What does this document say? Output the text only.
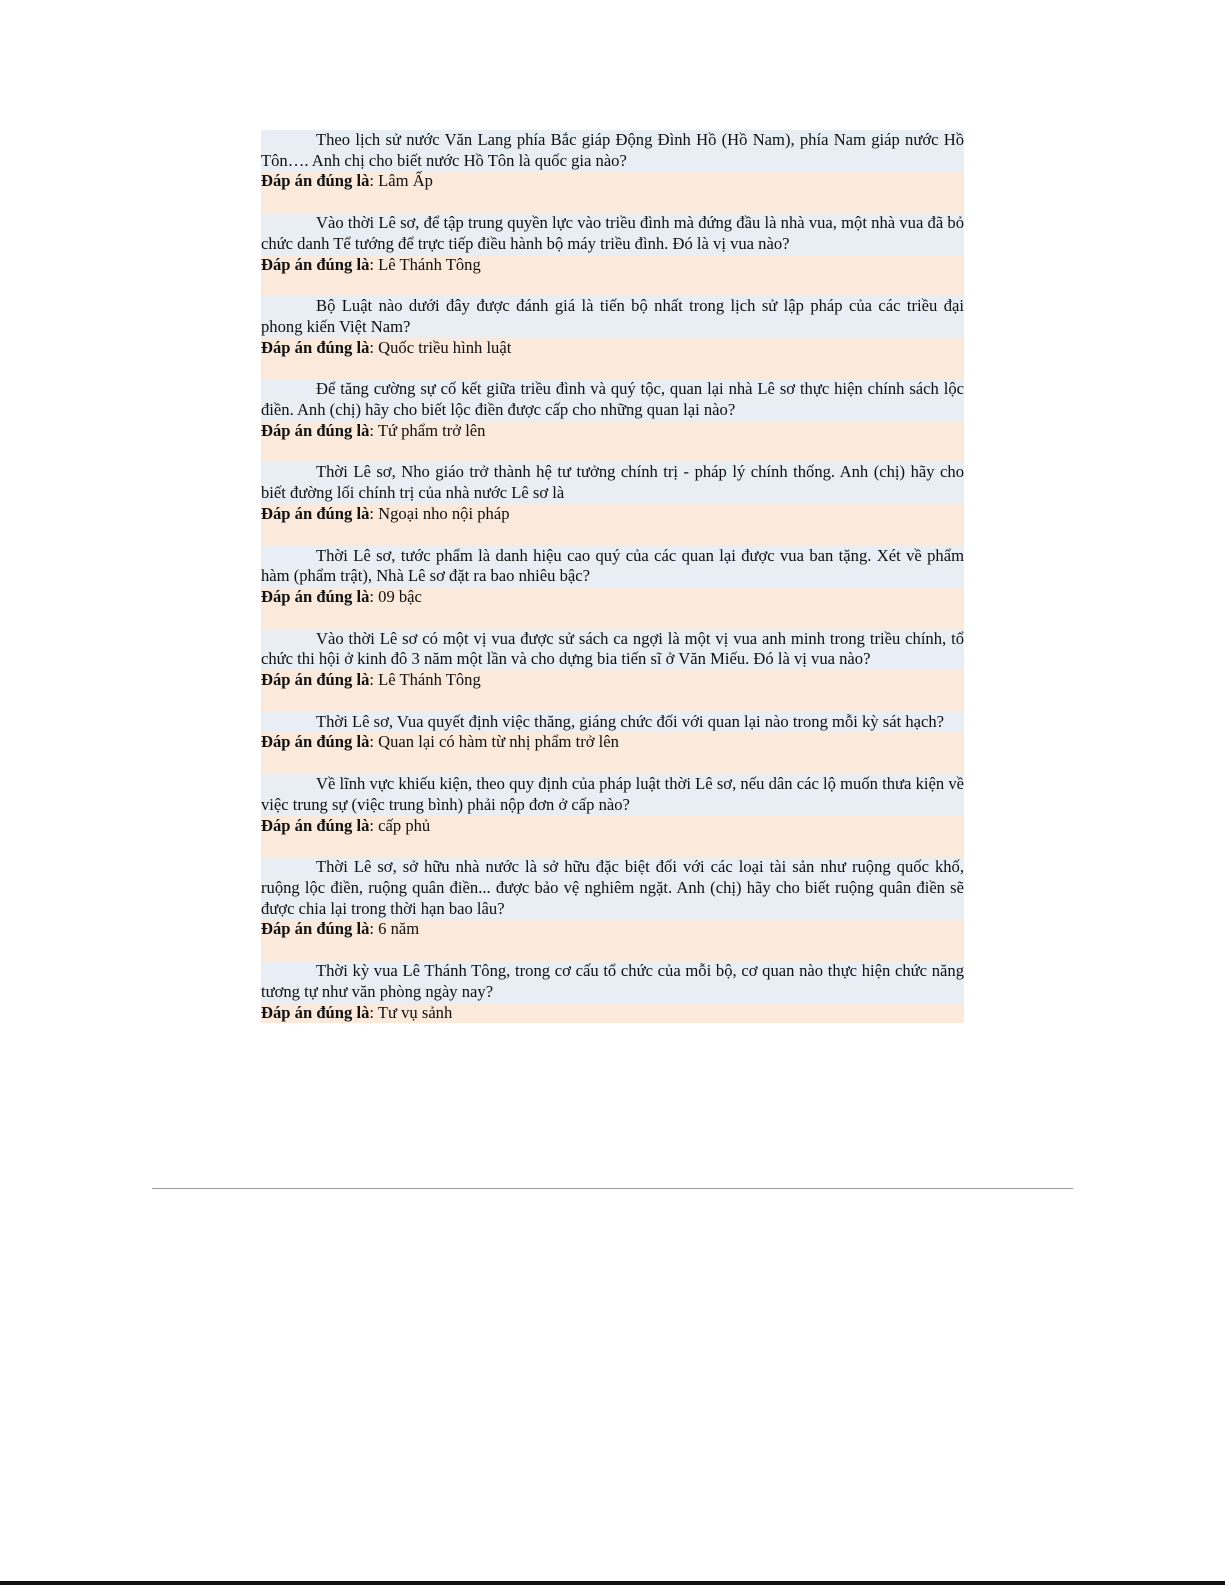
Theo lịch sử nước Văn Lang phía Bắc giáp Động Đình Hồ (Hồ Nam), phía Nam giáp nước Hồ Tôn…. Anh chị cho biết nước Hồ Tôn là quốc gia nào?
Đáp án đúng là: Lâm Ấp
Vào thời Lê sơ, để tập trung quyền lực vào triều đình mà đứng đầu là nhà vua, một nhà vua đã bỏ chức danh Tể tướng để trực tiếp điều hành bộ máy triều đình. Đó là vị vua nào?
Đáp án đúng là: Lê Thánh Tông
Bộ Luật nào dưới đây được đánh giá là tiến bộ nhất trong lịch sử lập pháp của các triều đại phong kiến Việt Nam?
Đáp án đúng là: Quốc triều hình luật
Để tăng cường sự cố kết giữa triều đình và quý tộc, quan lại nhà Lê sơ thực hiện chính sách lộc điền. Anh (chị) hãy cho biết lộc điền được cấp cho những quan lại nào?
Đáp án đúng là: Tứ phẩm trở lên
Thời Lê sơ, Nho giáo trở thành hệ tư tưởng chính trị - pháp lý chính thống. Anh (chị) hãy cho biết đường lối chính trị của nhà nước Lê sơ là
Đáp án đúng là: Ngoại nho nội pháp
Thời Lê sơ, tước phẩm là danh hiệu cao quý của các quan lại được vua ban tặng. Xét về phẩm hàm (phẩm trật), Nhà Lê sơ đặt ra bao nhiêu bậc?
Đáp án đúng là: 09 bậc
Vào thời Lê sơ có một vị vua được sử sách ca ngợi là một vị vua anh minh trong triều chính, tổ chức thi hội ở kinh đô 3 năm một lần và cho dựng bia tiến sĩ ở Văn Miếu. Đó là vị vua nào?
Đáp án đúng là: Lê Thánh Tông
Thời Lê sơ, Vua quyết định việc thăng, giáng chức đối với quan lại nào trong mỗi kỳ sát hạch?
Đáp án đúng là: Quan lại có hàm từ nhị phẩm trở lên
Về lĩnh vực khiếu kiện, theo quy định của pháp luật thời Lê sơ, nếu dân các lộ muốn thưa kiện về việc trung sự (việc trung bình) phải nộp đơn ở cấp nào?
Đáp án đúng là: cấp phủ
Thời Lê sơ, sở hữu nhà nước là sở hữu đặc biệt đối với các loại tài sản như ruộng quốc khố, ruộng lộc điền, ruộng quân điền... được bảo vệ nghiêm ngặt. Anh (chị) hãy cho biết ruộng quân điền sẽ được chia lại trong thời hạn bao lâu?
Đáp án đúng là: 6 năm
Thời kỳ vua Lê Thánh Tông, trong cơ cấu tổ chức của mỗi bộ, cơ quan nào thực hiện chức năng tương tự như văn phòng ngày nay?
Đáp án đúng là: Tư vụ sảnh
